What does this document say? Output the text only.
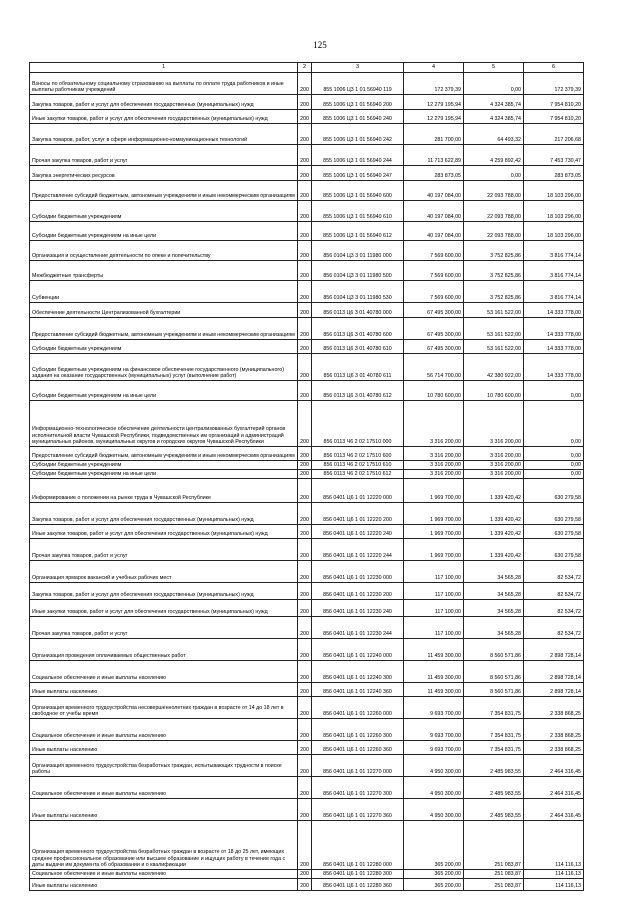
125
1	2	3	4	5	6
Взносы по обязательному социальному страхованию на выплаты по оплате труда работников и иные выплаты работникам учреждений	200	855 1006 Ц3 1 01 56940 119	172 379,39	0,00	172 379,39
Закупка товаров, работ и услуг для обеспечения государственных (муниципальных) нужд	200	855 1006 Ц3 1 01 56940 200	12 279 195,94	4 324 385,74	7 954 810,20
Иные закупки товаров, работ и услуг для обеспечения государственных (муниципальных) нужд	200	855 1006 Ц3 1 01 56940 240	12 279 195,94	4 324 385,74	7 954 810,20
Закупка товаров, работ, услуг в сфере информационно-коммуникационных технологий	200	855 1006 Ц3 1 01 56940 242	281 700,00	64 493,32	217 206,68
Прочая закупка товаров, работ и услуг	200	855 1006 Ц3 1 01 56940 244	11 713 622,89	4 259 892,42	7 453 730,47
Закупка энергетических ресурсов	200	855 1006 Ц3 1 01 56940 247	283 873,05	0,00	283 873,05
Предоставление субсидий бюджетным, автономным учреждениям и иным некоммерческим организациям	200	855 1006 Ц3 1 01 56940 600	40 197 084,00	22 093 788,00	18 103 296,00
Субсидии бюджетным учреждениям	200	855 1006 Ц3 1 01 56940 610	40 197 084,00	22 093 788,00	18 103 296,00
Субсидии бюджетным учреждениям на иные цели	200	855 1006 Ц3 1 01 56940 612	40 197 084,00	22 093 788,00	18 103 296,00
Организация и осуществление деятельности по опеке и попечительству	200	856 0104 Ц3 3 01 11980 000	7 569 600,00	3 752 825,86	3 816 774,14
Межбюджетные трансферты	200	856 0104 Ц3 3 01 11980 500	7 569 600,00	3 752 825,86	3 816 774,14
Субвенции	200	856 0104 Ц3 3 01 11980 530	7 569 600,00	3 752 825,86	3 816 774,14
Обеспечение деятельности Централизованной бухгалтерии	200	856 0113 Ц6 3 01 40780 000	67 495 300,00	53 161 522,00	14 333 778,00
Предоставление субсидий бюджетным, автономным учреждениям и иным некоммерческим организациям	200	856 0113 Ц6 3 01 40780 600	67 495 300,00	53 161 522,00	14 333 778,00
Субсидии бюджетным учреждениям	200	856 0113 Ц6 3 01 40780 610	67 495 300,00	53 161 522,00	14 333 778,00
Субсидии бюджетным учреждениям на финансовое обеспечение государственного (муниципального) задания на оказание государственных (муниципальных) услуг (выполнение работ)	200	856 0113 Ц6 3 01 40780 611	56 714 700,00	42 380 922,00	14 333 778,00
Субсидии бюджетным учреждениям на иные цели	200	856 0113 Ц6 3 01 40780 612	10 780 600,00	10 780 600,00	0,00
Информационно-технологическое обеспечение деятельности централизованных бухгалтерий органов исполнительной власти Чувашской Республики, подведомственных им организаций и администраций муниципальных районов, муниципальных округов и городских округов Чувашской Республики	200	856 0113 Ч6 2 02 17510 000	3 316 200,00	3 316 200,00	0,00
Предоставление субсидий бюджетным, автономным учреждениям и иным некоммерческим организациям	200	856 0113 Ч6 2 02 17510 600	3 316 200,00	3 316 200,00	0,00
Субсидии бюджетным учреждениям	200	856 0113 Ч6 2 02 17510 610	3 316 200,00	3 316 200,00	0,00
Субсидии бюджетным учреждениям на иные цели	200	856 0113 Ч6 2 02 17510 612	3 316 200,00	3 316 200,00	0,00
Информирование о положении на рынке труда в Чувашской Республике	200	856 0401 Ц6 1 01 12220 000	1 969 700,00	1 339 420,42	630 279,58
Закупка товаров, работ и услуг для обеспечения государственных (муниципальных) нужд	200	856 0401 Ц6 1 01 12220 200	1 969 700,00	1 339 420,42	630 279,58
Иные закупки товаров, работ и услуг для обеспечения государственных (муниципальных) нужд	200	856 0401 Ц6 1 01 12220 240	1 969 700,00	1 339 420,42	630 279,58
Прочая закупка товаров, работ и услуг	200	856 0401 Ц6 1 01 12220 244	1 969 700,00	1 339 420,42	630 279,58
Организация ярмарок вакансий и учебных рабочих мест	200	856 0401 Ц6 1 01 12230 000	117 100,00	34 565,28	82 534,72
Закупка товаров, работ и услуг для обеспечения государственных (муниципальных) нужд	200	856 0401 Ц6 1 01 12230 200	117 100,00	34 565,28	82 534,72
Иные закупки товаров, работ и услуг для обеспечения государственных (муниципальных) нужд	200	856 0401 Ц6 1 01 12230 240	117 100,00	34 565,28	82 534,72
Прочая закупка товаров, работ и услуг	200	856 0401 Ц6 1 01 12230 244	117 100,00	34 565,28	82 534,72
Организация проведения оплачиваемых общественных работ	200	856 0401 Ц6 1 01 12240 000	11 459 300,00	8 560 571,86	2 898 728,14
Социальное обеспечение и иные выплаты населению	200	856 0401 Ц6 1 01 12240 300	11 459 300,00	8 560 571,86	2 898 728,14
Иные выплаты населению	200	856 0401 Ц6 1 01 12240 360	11 459 300,00	8 560 571,86	2 898 728,14
Организация временного трудоустройства несовершеннолетних граждан в возрасте от 14 до 18 лет в свободное от учебы время	200	856 0401 Ц6 1 01 12260 000	9 693 700,00	7 354 831,75	2 338 868,25
Социальное обеспечение и иные выплаты населению	200	856 0401 Ц6 1 01 12260 300	9 693 700,00	7 354 831,75	2 338 868,25
Иные выплаты населению	200	856 0401 Ц6 1 01 12260 360	9 693 700,00	7 354 831,75	2 338 868,25
Организация временного трудоустройства безработных граждан, испытывающих трудности в поиске работы	200	856 0401 Ц6 1 01 12270 000	4 950 300,00	2 485 983,55	2 464 316,45
Социальное обеспечение и иные выплаты населению	200	856 0401 Ц6 1 01 12270 300	4 950 300,00	2 485 983,55	2 464 316,45
Иные выплаты населению	200	856 0401 Ц6 1 01 12270 360	4 950 300,00	2 485 983,55	2 464 316,45
Организация временного трудоустройства безработных граждан в возрасте от 18 до 25 лет, имеющих среднее профессиональное образование или высшее образование и ищущих работу в течение года с даты выдачи им документа об образовании и о квалификации	200	856 0401 Ц6 1 01 12280 000	365 200,00	251 083,87	114 116,13
Социальное обеспечение и иные выплаты населению	200	856 0401 Ц6 1 01 12280 300	365 200,00	251 083,87	114 116,13
Иные выплаты населению	200	856 0401 Ц6 1 01 12280 360	365 200,00	251 083,87	114 116,13
